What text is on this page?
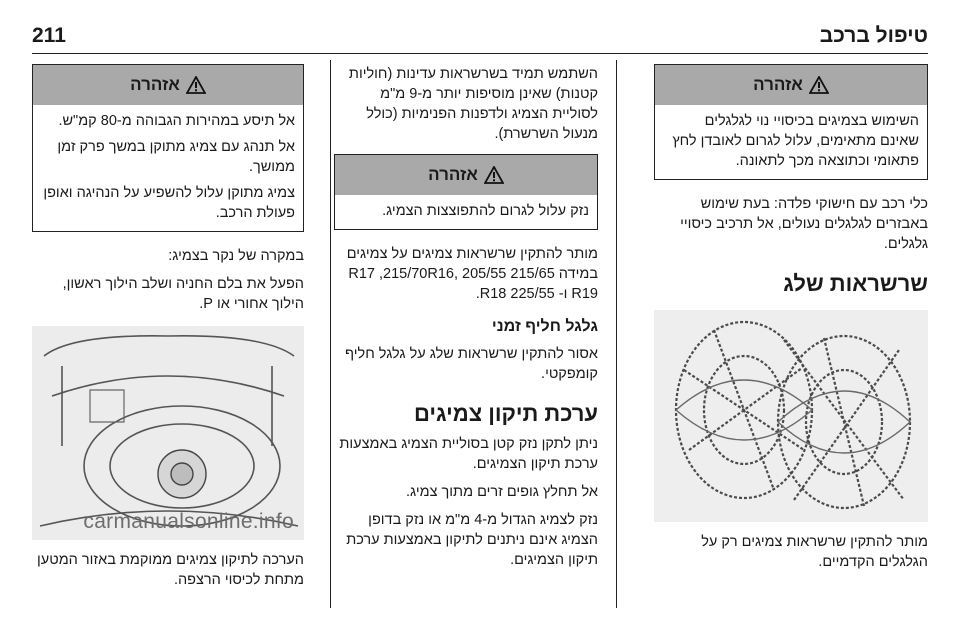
211	טיפול ברכב
אזהרה

השימוש בצמיגים בכיסויי נוי לגלגלים שאינם מתאימים, עלול לגרום לאובדן לחץ פתאומי וכתוצאה מכך לתאונה.

כלי רכב עם חישוקי פלדה: בעת שימוש באבזרים לגלגלים נעולים, אל תרכיב כיסויי גלגלים.

שרשראות שלג

מותר להתקין שרשראות צמיגים רק על הגלגלים הקדמיים.

השתמש תמיד בשרשראות עדינות (חוליות קטנות) שאינן מוסיפות יותר מ-9 מ"מ לסוליית הצמיג ולדפנות הפנימיות (כולל מנעול השרשרת).

אזהרה

נזק עלול לגרום להתפוצצות הצמיג.

מותר להתקין שרשראות צמיגים על צמיגים במידה 215/65 R17 ,215/70R16, 205/55 R19 ו- 225/55 R18.

גלגל חליף זמני

אסור להתקין שרשראות שלג על גלגל חליף קומפקטי.

ערכת תיקון צמיגים

ניתן לתקן נזק קטן בסוליית הצמיג באמצעות ערכת תיקון הצמיגים.

אל תחלץ גופים זרים מתוך צמיג.

נזק לצמיג הגדול מ-4 מ"מ או נזק בדופן הצמיג אינם ניתנים לתיקון באמצעות ערכת תיקון הצמיגים.

אזהרה

אל תיסע במהירות הגבוהה מ-80 קמ"ש.

אל תנהג עם צמיג מתוקן במשך פרק זמן ממושך.

צמיג מתוקן עלול להשפיע על הנהיגה ואופן פעולת הרכב.

במקרה של נקר בצמיג:

הפעל את בלם החניה ושלב הילוך ראשון, הילוך אחורי או P.

carmanualsonline.info

הערכה לתיקון צמיגים ממוקמת באזור המטען מתחת לכיסוי הרצפה.
